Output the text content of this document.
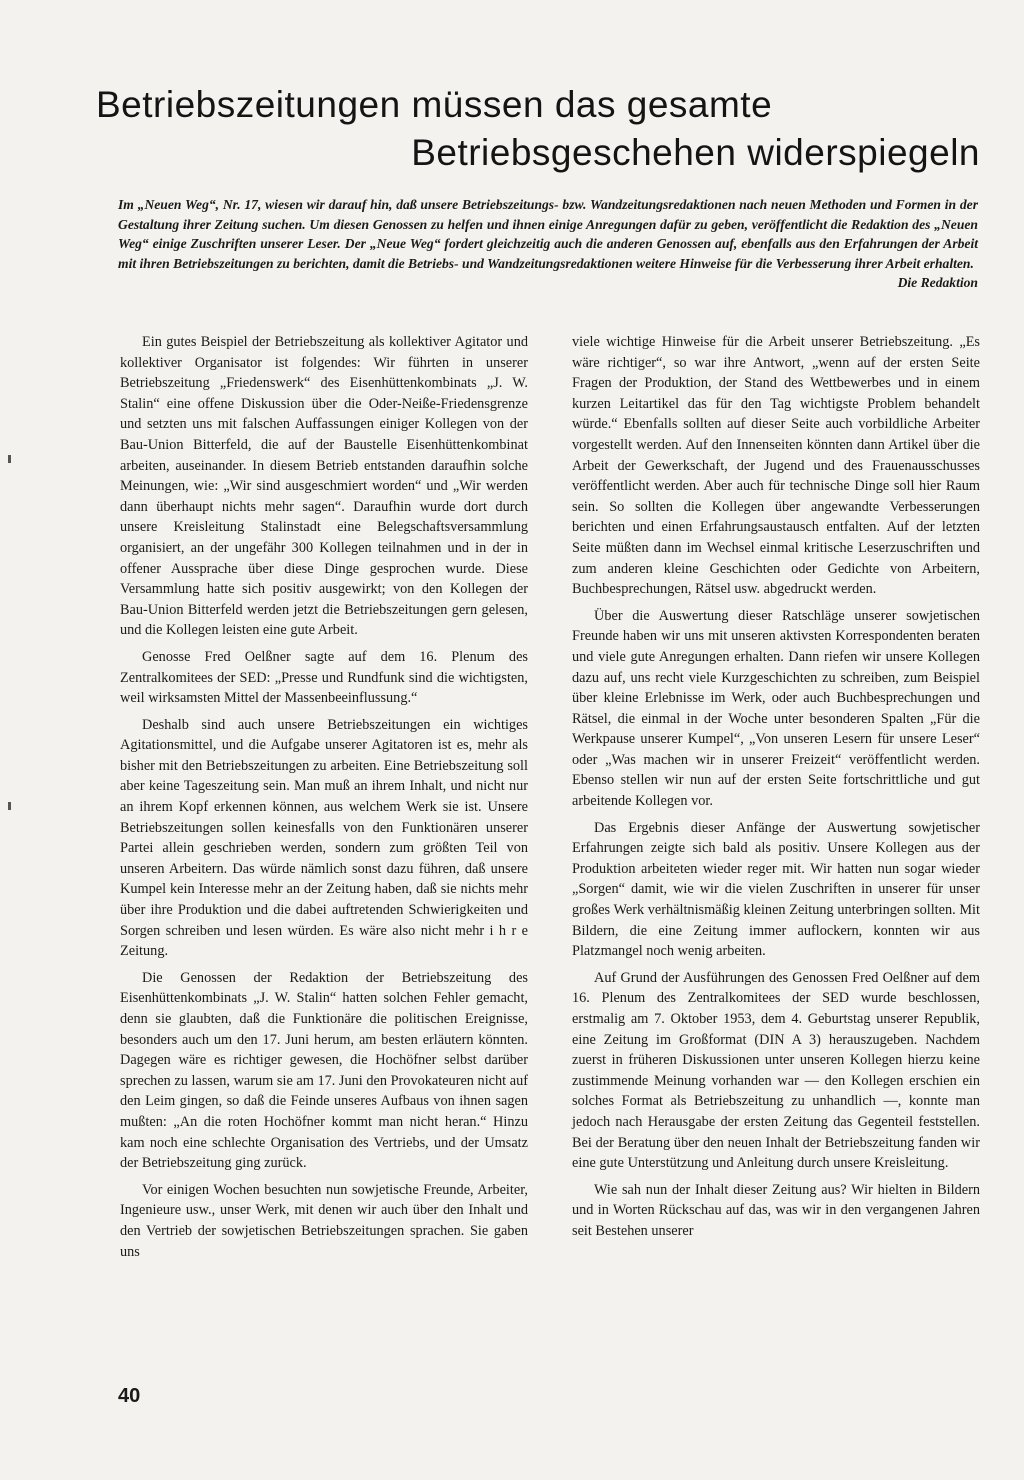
Betriebszeitungen müssen das gesamte
Betriebsgeschehen widerspiegeln

Im „Neuen Weg“, Nr. 17, wiesen wir darauf hin, daß unsere Betriebszeitungs- bzw. Wandzeitungsredaktionen nach neuen Methoden und Formen in der Gestaltung ihrer Zeitung suchen. Um diesen Genossen zu helfen und ihnen einige Anregungen dafür zu geben, veröffentlicht die Redaktion des „Neuen Weg“ einige Zuschriften unserer Leser. Der „Neue Weg“ fordert gleichzeitig auch die anderen Genossen auf, ebenfalls aus den Erfahrungen der Arbeit mit ihren Betriebszeitungen zu berichten, damit die Betriebs- und Wandzeitungsredaktionen weitere Hinweise für die Verbesserung ihrer Arbeit erhalten.
Die Redaktion

Ein gutes Beispiel der Betriebszeitung als kollektiver Agitator und kollektiver Organisator ist folgendes: Wir führten in unserer Betriebszeitung „Friedenswerk“ des Eisenhüttenkombinats „J. W. Stalin“ eine offene Diskussion über die Oder-Neiße-Friedensgrenze und setzten uns mit falschen Auffassungen einiger Kollegen von der Bau-Union Bitterfeld, die auf der Baustelle Eisenhüttenkombinat arbeiten, auseinander. In diesem Betrieb entstanden daraufhin solche Meinungen, wie: „Wir sind ausgeschmiert worden“ und „Wir werden dann überhaupt nichts mehr sagen“. Daraufhin wurde dort durch unsere Kreisleitung Stalinstadt eine Belegschaftsversammlung organisiert, an der ungefähr 300 Kollegen teilnahmen und in der in offener Aussprache über diese Dinge gesprochen wurde. Diese Versammlung hatte sich positiv ausgewirkt; von den Kollegen der Bau-Union Bitterfeld werden jetzt die Betriebszeitungen gern gelesen, und die Kollegen leisten eine gute Arbeit.

Genosse Fred Oelßner sagte auf dem 16. Plenum des Zentralkomitees der SED: „Presse und Rundfunk sind die wichtigsten, weil wirksamsten Mittel der Massenbeeinflussung.“

Deshalb sind auch unsere Betriebszeitungen ein wichtiges Agitationsmittel, und die Aufgabe unserer Agitatoren ist es, mehr als bisher mit den Betriebszeitungen zu arbeiten. Eine Betriebszeitung soll aber keine Tageszeitung sein. Man muß an ihrem Inhalt, und nicht nur an ihrem Kopf erkennen können, aus welchem Werk sie ist. Unsere Betriebszeitungen sollen keinesfalls von den Funktionären unserer Partei allein geschrieben werden, sondern zum größten Teil von unseren Arbeitern. Das würde nämlich sonst dazu führen, daß unsere Kumpel kein Interesse mehr an der Zeitung haben, daß sie nichts mehr über ihre Produktion und die dabei auftretenden Schwierigkeiten und Sorgen schreiben und lesen würden. Es wäre also nicht mehr i h r e Zeitung.

Die Genossen der Redaktion der Betriebszeitung des Eisenhüttenkombinats „J. W. Stalin“ hatten solchen Fehler gemacht, denn sie glaubten, daß die Funktionäre die politischen Ereignisse, besonders auch um den 17. Juni herum, am besten erläutern könnten. Dagegen wäre es richtiger gewesen, die Hochöfner selbst darüber sprechen zu lassen, warum sie am 17. Juni den Provokateuren nicht auf den Leim gingen, so daß die Feinde unseres Aufbaus von ihnen sagen mußten: „An die roten Hochöfner kommt man nicht heran.“ Hinzu kam noch eine schlechte Organisation des Vertriebs, und der Umsatz der Betriebszeitung ging zurück.

Vor einigen Wochen besuchten nun sowjetische Freunde, Arbeiter, Ingenieure usw., unser Werk, mit denen wir auch über den Inhalt und den Vertrieb der sowjetischen Betriebszeitungen sprachen. Sie gaben uns

viele wichtige Hinweise für die Arbeit unserer Betriebszeitung. „Es wäre richtiger“, so war ihre Antwort, „wenn auf der ersten Seite Fragen der Produktion, der Stand des Wettbewerbes und in einem kurzen Leitartikel das für den Tag wichtigste Problem behandelt würde.“ Ebenfalls sollten auf dieser Seite auch vorbildliche Arbeiter vorgestellt werden. Auf den Innenseiten könnten dann Artikel über die Arbeit der Gewerkschaft, der Jugend und des Frauenausschusses veröffentlicht werden. Aber auch für technische Dinge soll hier Raum sein. So sollten die Kollegen über angewandte Verbesserungen berichten und einen Erfahrungsaustausch entfalten. Auf der letzten Seite müßten dann im Wechsel einmal kritische Leserzuschriften und zum anderen kleine Geschichten oder Gedichte von Arbeitern, Buchbesprechungen, Rätsel usw. abgedruckt werden.

Über die Auswertung dieser Ratschläge unserer sowjetischen Freunde haben wir uns mit unseren aktivsten Korrespondenten beraten und viele gute Anregungen erhalten. Dann riefen wir unsere Kollegen dazu auf, uns recht viele Kurzgeschichten zu schreiben, zum Beispiel über kleine Erlebnisse im Werk, oder auch Buchbesprechungen und Rätsel, die einmal in der Woche unter besonderen Spalten „Für die Werkpause unserer Kumpel“, „Von unseren Lesern für unsere Leser“ oder „Was machen wir in unserer Freizeit“ veröffentlicht werden. Ebenso stellen wir nun auf der ersten Seite fortschrittliche und gut arbeitende Kollegen vor.

Das Ergebnis dieser Anfänge der Auswertung sowjetischer Erfahrungen zeigte sich bald als positiv. Unsere Kollegen aus der Produktion arbeiteten wieder reger mit. Wir hatten nun sogar wieder „Sorgen“ damit, wie wir die vielen Zuschriften in unserer für unser großes Werk verhältnismäßig kleinen Zeitung unterbringen sollten. Mit Bildern, die eine Zeitung immer auflockern, konnten wir aus Platzmangel noch wenig arbeiten.

Auf Grund der Ausführungen des Genossen Fred Oelßner auf dem 16. Plenum des Zentralkomitees der SED wurde beschlossen, erstmalig am 7. Oktober 1953, dem 4. Geburtstag unserer Republik, eine Zeitung im Großformat (DIN A 3) herauszugeben. Nachdem zuerst in früheren Diskussionen unter unseren Kollegen hierzu keine zustimmende Meinung vorhanden war — den Kollegen erschien ein solches Format als Betriebszeitung zu unhandlich —, konnte man jedoch nach Herausgabe der ersten Zeitung das Gegenteil feststellen. Bei der Beratung über den neuen Inhalt der Betriebszeitung fanden wir eine gute Unterstützung und Anleitung durch unsere Kreisleitung.

Wie sah nun der Inhalt dieser Zeitung aus? Wir hielten in Bildern und in Worten Rückschau auf das, was wir in den vergangenen Jahren seit Bestehen unserer

40
